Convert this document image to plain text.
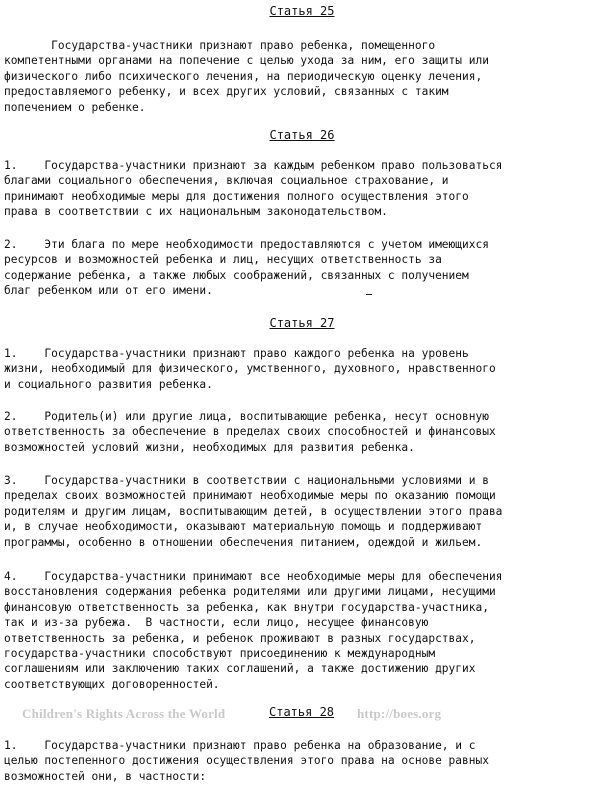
Статья 25

Государства-участники признают право ребенка, помещенного
компетентными органами на попечение с целью ухода за ним, его защиты или
физического либо психического лечения, на периодическую оценку лечения,
предоставляемого ребенку, и всех других условий, связанных с таким
попечением о ребенке.

Статья 26

1.    Государства-участники признают за каждым ребенком право пользоваться
благами социального обеспечения, включая социальное страхование, и
принимают необходимые меры для достижения полного осуществления этого
права в соответствии с их национальным законодательством.

2.    Эти блага по мере необходимости предоставляются с учетом имеющихся
ресурсов и возможностей ребенка и лиц, несущих ответственность за
содержание ребенка, а также любых соображений, связанных с получением
благ ребенком или от его имени.

Статья 27

1.    Государства-участники признают право каждого ребенка на уровень
жизни, необходимый для физического, умственного, духовного, нравственного
и социального развития ребенка.

2.    Родитель(и) или другие лица, воспитывающие ребенка, несут основную
ответственность за обеспечение в пределах своих способностей и финансовых
возможностей условий жизни, необходимых для развития ребенка.

3.    Государства-участники в соответствии с национальными условиями и в
пределах своих возможностей принимают необходимые меры по оказанию помощи
родителям и другим лицам, воспитывающим детей, в осуществлении этого права
и, в случае необходимости, оказывают материальную помощь и поддерживают
программы, особенно в отношении обеспечения питанием, одеждой и жильем.

4.    Государства-участники принимают все необходимые меры для обеспечения
восстановления содержания ребенка родителями или другими лицами, несущими
финансовую ответственность за ребенка, как внутри государства-участника,
так и из-за рубежа.  В частности, если лицо, несущее финансовую
ответственность за ребенка, и ребенок проживают в разных государствах,
государства-участники способствуют присоединению к международным
соглашениям или заключению таких соглашений, а также достижению других
соответствующих договоренностей.

Children's Rights Across the World	Статья 28 http://boes.org

1.    Государства-участники признают право ребенка на образование, и с
целью постепенного достижения осуществления этого права на основе равных
возможностей они, в частности:
